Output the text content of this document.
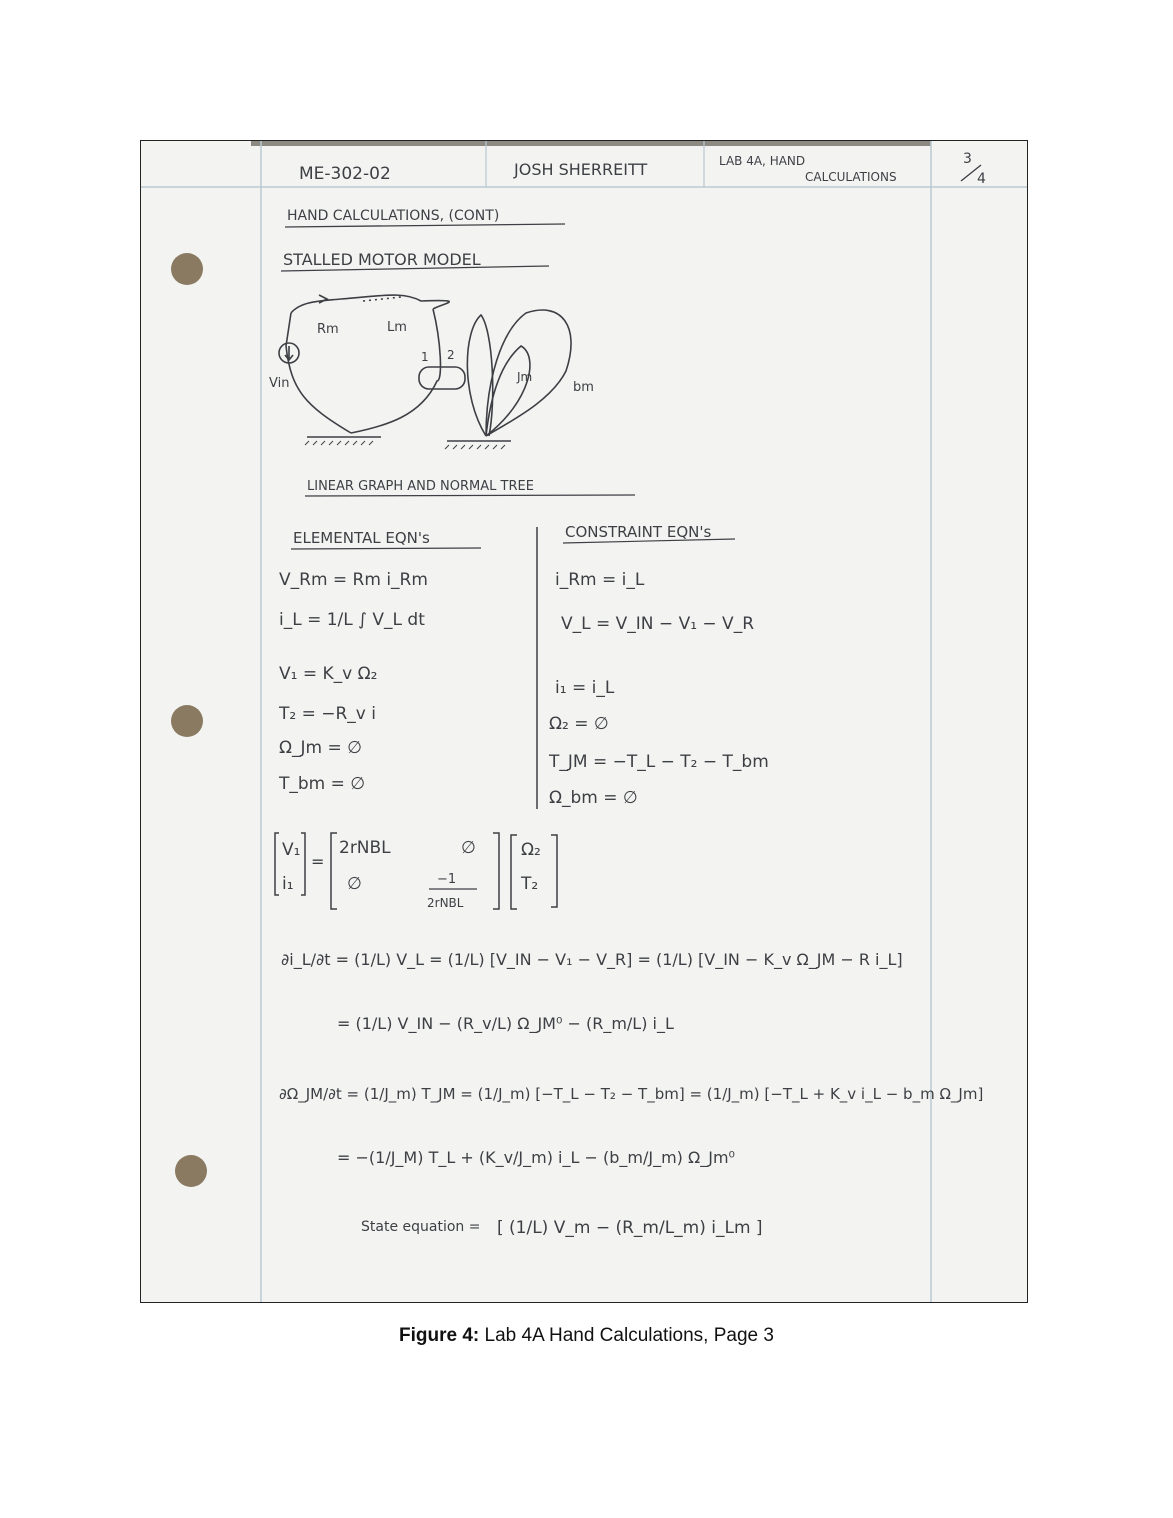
ME-302-02	JOSH SHERREITT	LAB 4A, HAND
CALCULATIONS
3
4
HAND CALCULATIONS, (CONT)
STALLED MOTOR MODEL
Rm	Lm
Vin
1 2
Jm
bm
LINEAR GRAPH AND NORMAL TREE
ELEMENTAL EQN's	CONSTRAINT EQN's
V_Rm = Rm i_Rm
i_L = 1/L ∫ V_L dt
V₁ = K_v Ω₂
T₂ = −R_v i
Ω_Jm = ∅
T_bm = ∅
i_Rm = i_L
V_L = V_IN − V₁ − V_R
i₁ = i_L
Ω₂ = ∅
T_JM = −T_L − T₂ − T_bm
Ω_bm = ∅
V₁
i₁
=
2rNBL	∅
∅	−1
2rNBL
Ω₂
T₂
∂i_L/∂t = (1/L) V_L = (1/L) [V_IN − V₁ − V_R] = (1/L) [V_IN − K_v Ω_JM − R i_L]
= (1/L) V_IN − (R_v/L) Ω_JM⁰ − (R_m/L) i_L
∂Ω_JM/∂t = (1/J_m) T_JM = (1/J_m) [−T_L − T₂ − T_bm] = (1/J_m) [−T_L + K_v i_L − b_m Ω_Jm]
= −(1/J_M) T_L + (K_v/J_m) i_L − (b_m/J_m) Ω_Jm⁰
State equation = [ (1/L) V_m − (R_m/L_m) i_Lm ]
Figure 4: Lab 4A Hand Calculations, Page 3
